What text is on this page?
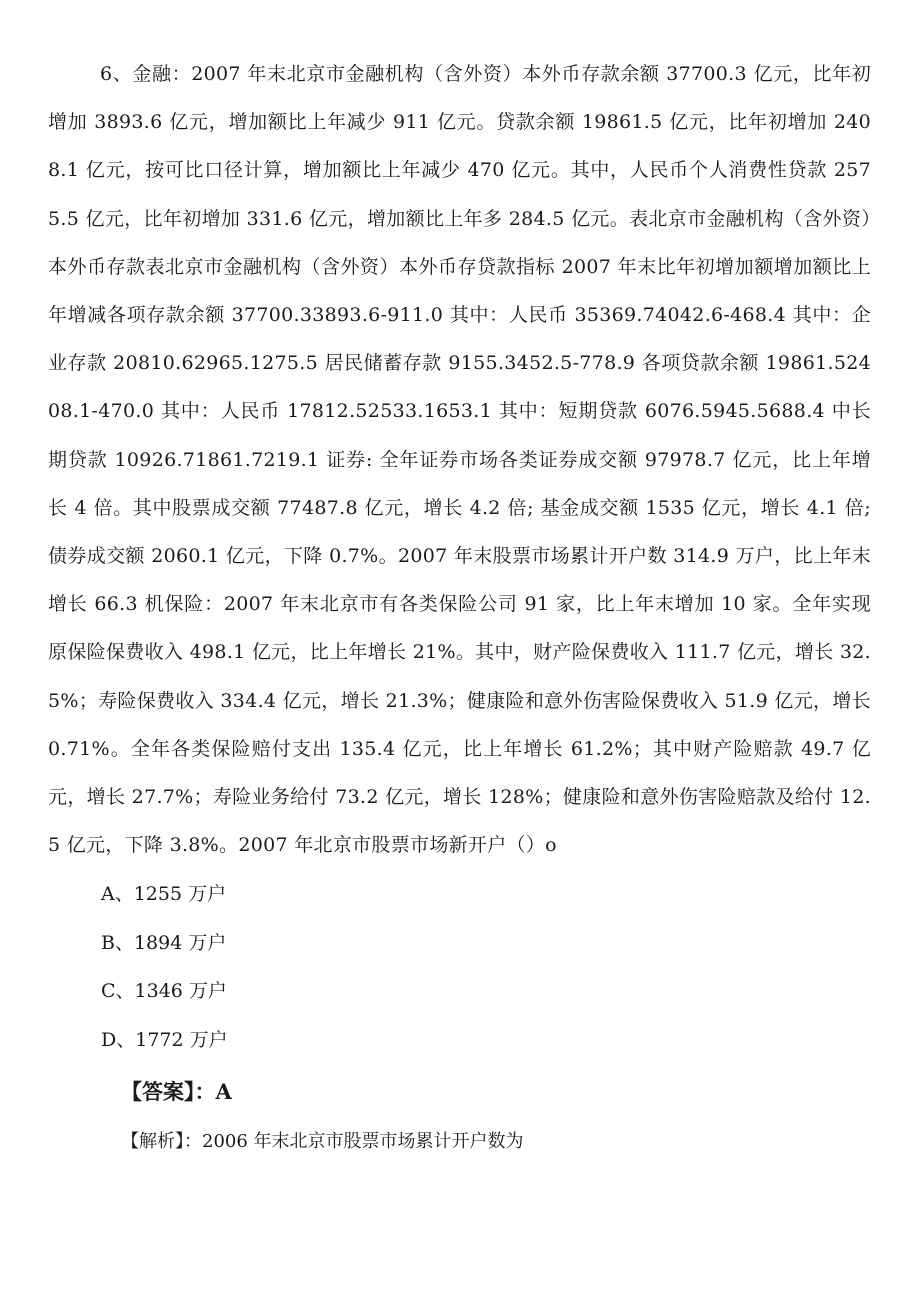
6、金融：2007 年末北京市金融机构（含外资）本外币存款余额 37700.3 亿元，比年初增加 3893.6 亿元，增加额比上年减少 911 亿元。贷款余额 19861.5 亿元，比年初增加 2408.1 亿元，按可比口径计算，增加额比上年减少 470 亿元。其中，人民币个人消费性贷款 2575.5 亿元，比年初增加 331.6 亿元，增加额比上年多 284.5 亿元。表北京市金融机构（含外资）本外币存款表北京市金融机构（含外资）本外币存贷款指标 2007 年末比年初增加额增加额比上年增减各项存款余额 37700.33893.6-911.0 其中：人民币 35369.74042.6-468.4 其中：企业存款 20810.62965.1275.5 居民储蓄存款 9155.3452.5-778.9 各项贷款余额 19861.52408.1-470.0 其中：人民币 17812.52533.1653.1 其中：短期贷款 6076.5945.5688.4 中长期贷款 10926.71861.7219.1 证券: 全年证券市场各类证券成交额 97978.7 亿元，比上年增长 4 倍。其中股票成交额 77487.8 亿元，增长 4.2 倍; 基金成交额 1535 亿元，增长 4.1 倍; 债券成交额 2060.1 亿元，下降 0.7%。2007 年末股票市场累计开户数 314.9 万户，比上年末增长 66.3 机保险：2007 年末北京市有各类保险公司 91 家，比上年末增加 10 家。全年实现原保险保费收入 498.1 亿元，比上年增长 21%。其中，财产险保费收入 111.7 亿元，增长 32.5%；寿险保费收入 334.4 亿元，增长 21.3%；健康险和意外伤害险保费收入 51.9 亿元，增长 0.71%。全年各类保险赔付支出 135.4 亿元，比上年增长 61.2%；其中财产险赔款 49.7 亿元，增长 27.7%；寿险业务给付 73.2 亿元，增长 128%；健康险和意外伤害险赔款及给付 12.5 亿元，下降 3.8%。2007 年北京市股票市场新开户（）o

A、1255 万户
B、1894 万户
C、1346 万户
D、1772 万户
【答案】：A
【解析】：2006 年末北京市股票市场累计开户数为
